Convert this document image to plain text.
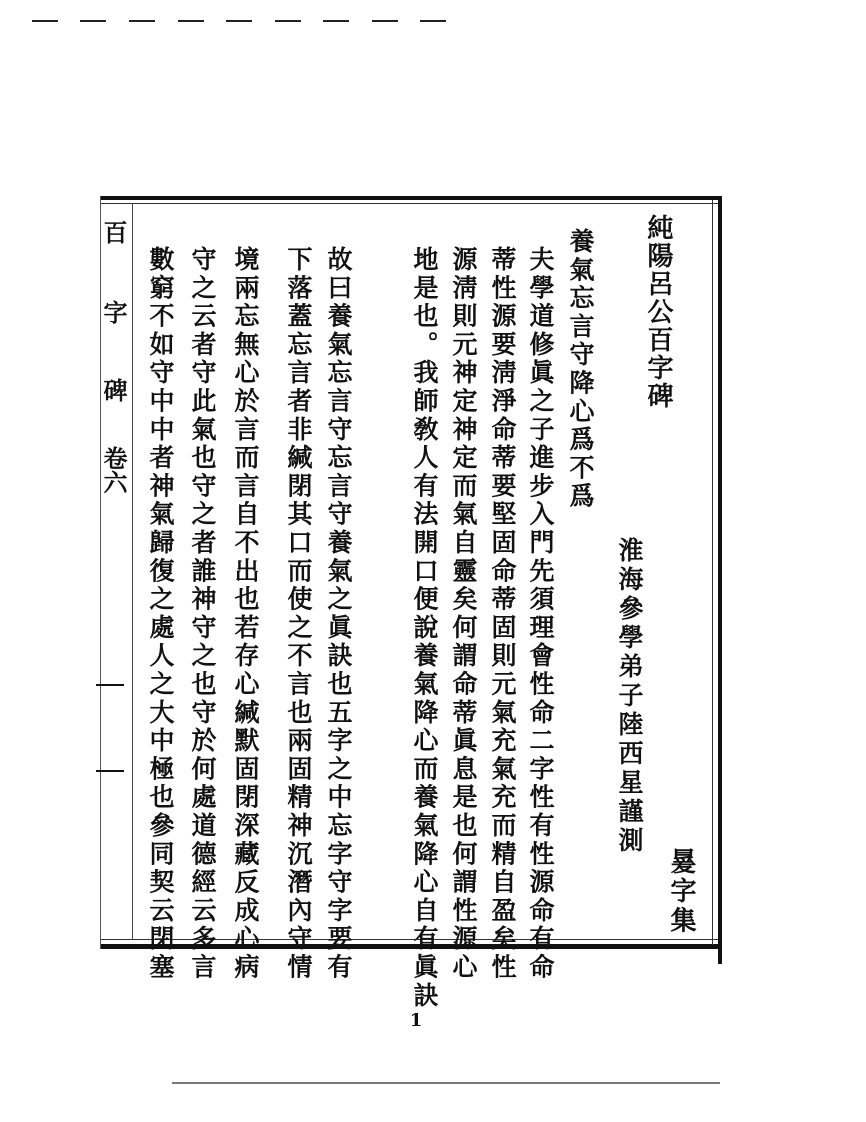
純陽呂公百字碑
淮海參學弟子陸西星謹測
㬊字集
養氣忘言守降心爲不爲
夫學道修眞之子進步入門先須理會性命二字性有性源命有命
蒂性源要淸淨命蒂要堅固命蒂固則元氣充氣充而精自盈矣性
源淸則元神定神定而氣自靈矣何謂命蒂眞息是也何謂性源心
地是也。我師敎人有法開口便說養氣降心而養氣降心自有眞訣
故曰養氣忘言守忘言守養氣之眞訣也五字之中忘字守字要有
下落蓋忘言者非緘閉其口而使之不言也兩固精神沉潛內守情
境兩忘無心於言而言自不出也若存心緘默固閉深藏反成心病
守之云者守此氣也守之者誰神守之也守於何處道德經云多言
數窮不如守中中者神氣歸復之處人之大中極也參同契云閉塞
百
字
碑
卷六
1
